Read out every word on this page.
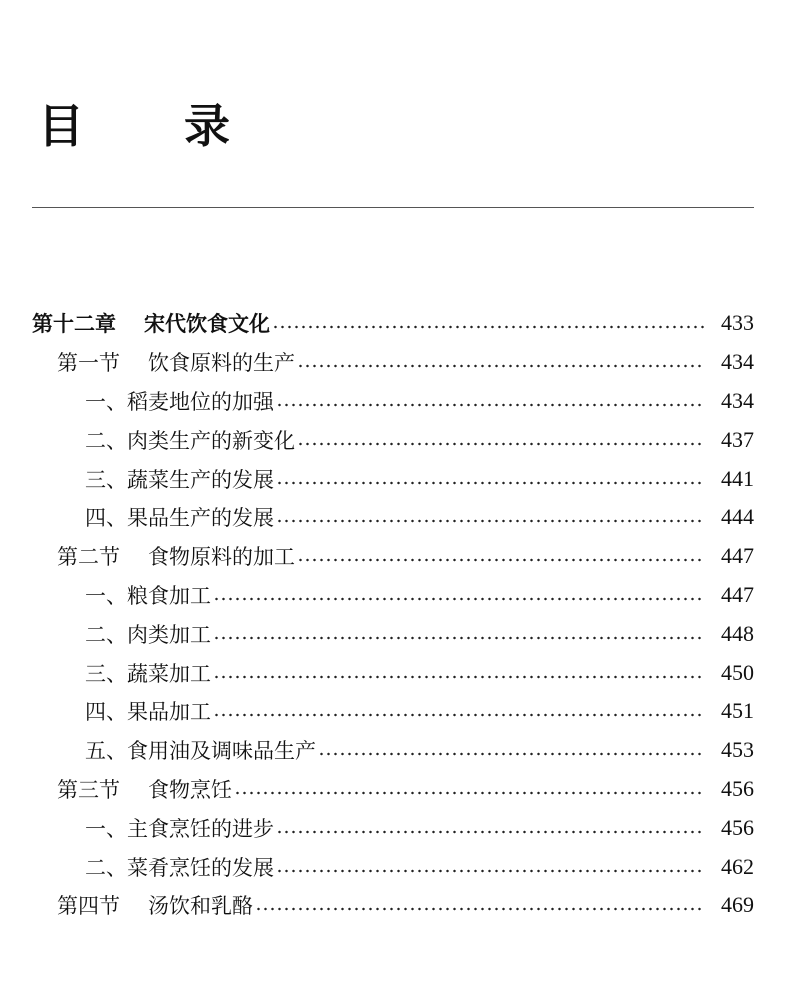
目 录
第十二章 宋代饮食文化	433
第一节 饮食原料的生产	434
一、稻麦地位的加强	434
二、肉类生产的新变化	437
三、蔬菜生产的发展	441
四、果品生产的发展	444
第二节 食物原料的加工	447
一、粮食加工	447
二、肉类加工	448
三、蔬菜加工	450
四、果品加工	451
五、食用油及调味品生产	453
第三节 食物烹饪	456
一、主食烹饪的进步	456
二、菜肴烹饪的发展	462
第四节 汤饮和乳酪	469
